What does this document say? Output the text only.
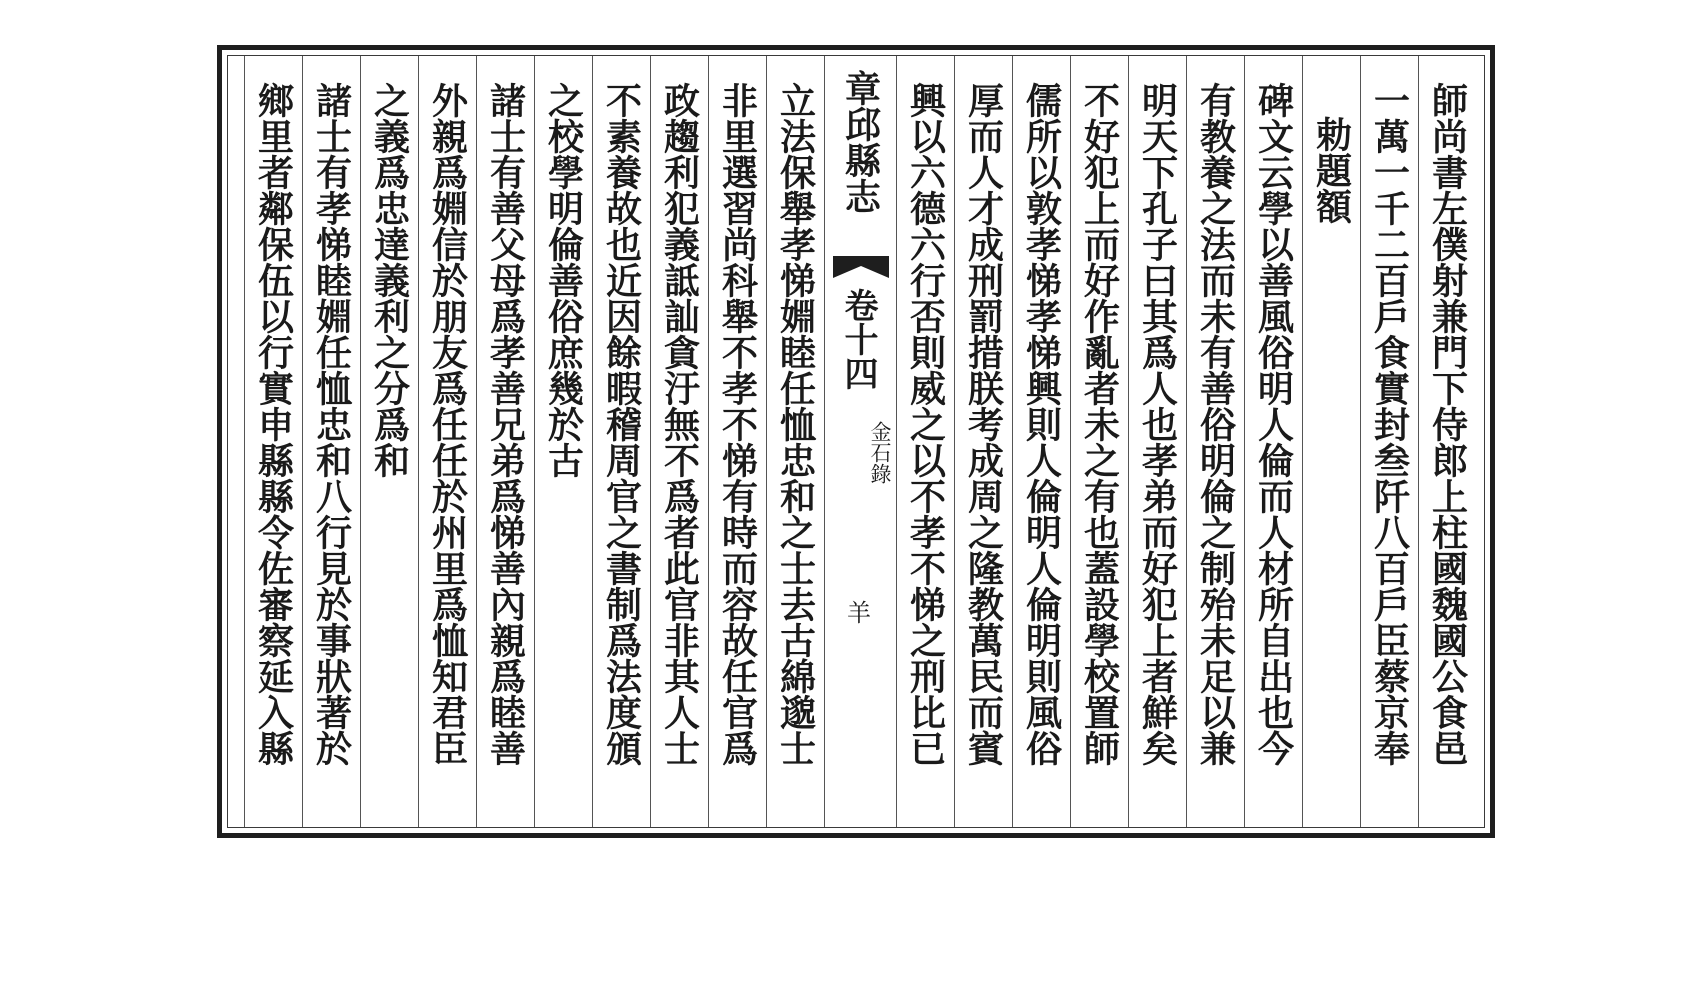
師尚書左僕射兼門下侍郎上柱國魏國公食邑
一萬一千二百戶食實封叁阡八百戶臣蔡京奉
勅題額
碑文云學以善風俗明人倫而人材所自出也今
有教養之法而未有善俗明倫之制殆未足以兼
明天下孔子曰其爲人也孝弟而好犯上者鮮矣
不好犯上而好作亂者未之有也蓋設學校置師
儒所以敦孝悌孝悌興則人倫明人倫明則風俗
厚而人才成刑罰措朕考成周之隆教萬民而賓
興以六德六行否則威之以不孝不悌之刑比已
章邱縣志
卷十四
金石錄
羊
立法保舉孝悌婣睦任恤忠和之士去古綿邈士
非里選習尚科舉不孝不悌有時而容故任官爲
政趨利犯義詆訕貪汙無不爲者此官非其人士
不素養故也近因餘暇稽周官之書制爲法度頒
之校學明倫善俗庶幾於古
諸士有善父母爲孝善兄弟爲悌善內親爲睦善
外親爲婣信於朋友爲任任於州里爲恤知君臣
之義爲忠達義利之分爲和
諸士有孝悌睦婣任恤忠和八行見於事狀著於
鄉里者鄰保伍以行實申縣縣令佐審察延入縣
